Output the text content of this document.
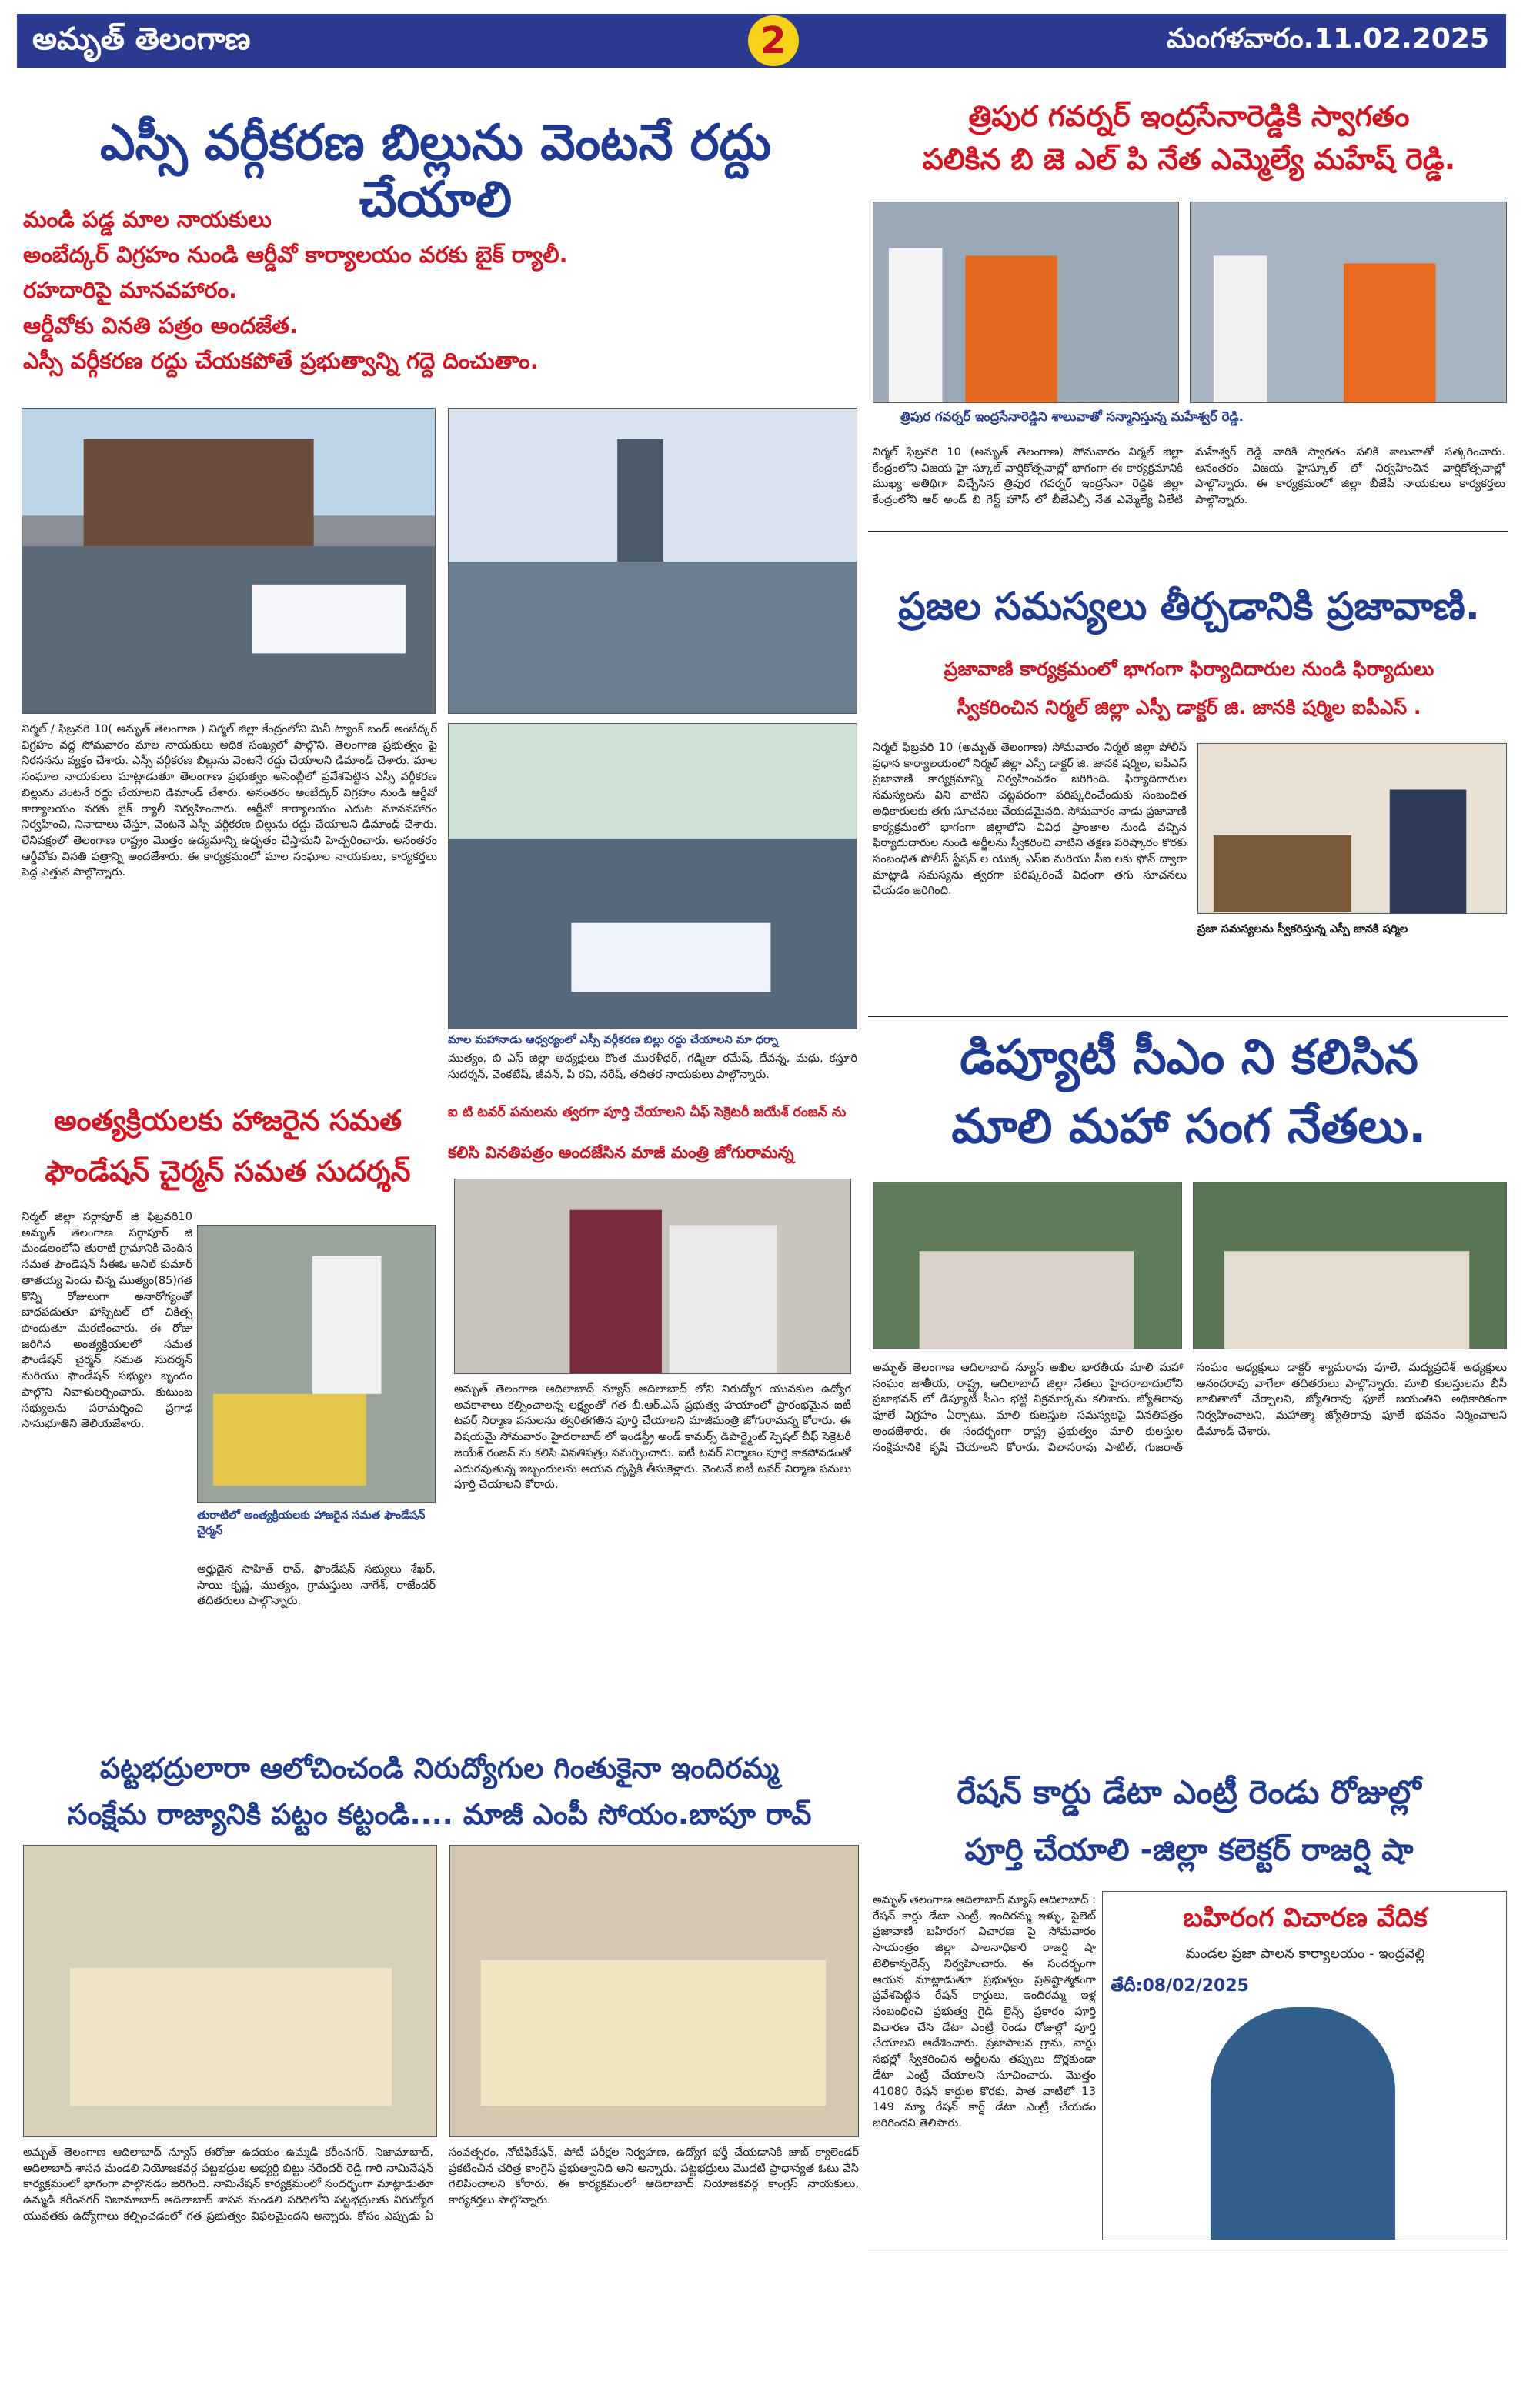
అమృత్ తెలంగాణ	2	మంగళవారం.11.02.2025
ఎస్సీ వర్గీకరణ బిల్లును వెంటనే రద్దు చేయాలి
మండి పడ్డ మాల నాయకులు
అంబేద్కర్ విగ్రహం నుండి ఆర్డీవో కార్యాలయం వరకు బైక్ ర్యాలీ.
రహదారిపై మానవహారం.
ఆర్డీవోకు వినతి పత్రం అందజేత.
ఎస్సీ వర్గీకరణ రద్దు చేయకపోతే ప్రభుత్వాన్ని గద్దె దించుతాం.
నిర్మల్ / ఫిబ్రవరి 10( అమృత్ తెలంగాణ ) నిర్మల్ జిల్లా కేంద్రంలోని మినీ ట్యాంక్ బండ్ అంబేద్కర్ విగ్రహం వద్ద సోమవారం మాల నాయకులు అధిక సంఖ్యలో పాల్గొని, తెలంగాణ ప్రభుత్వం పై నిరసనను వ్యక్తం చేశారు. ఎస్సీ వర్గీకరణ బిల్లును వెంటనే రద్దు చేయాలని డిమాండ్ చేశారు. మాల సంఘాల నాయకులు మాట్లాడుతూ తెలంగాణ ప్రభుత్వం అసెంబ్లీలో ప్రవేశపెట్టిన ఎస్సీ వర్గీకరణ బిల్లును వెంటనే రద్దు చేయాలని డిమాండ్ చేశారు. అనంతరం అంబేద్కర్ విగ్రహం నుండి ఆర్డీవో కార్యాలయం వరకు బైక్ ర్యాలీ నిర్వహించారు. ఆర్డీవో కార్యాలయం ఎదుట మానవహారం నిర్వహించి, నినాదాలు చేస్తూ, వెంటనే ఎస్సీ వర్గీకరణ బిల్లును రద్దు చేయాలని డిమాండ్ చేశారు. లేనిపక్షంలో తెలంగాణ రాష్ట్రం మొత్తం ఉద్యమాన్ని ఉధృతం చేస్తామని హెచ్చరించారు. అనంతరం ఆర్డీవోకు వినతి పత్రాన్ని అందజేశారు. ఈ కార్యక్రమంలో మాల సంఘాల నాయకులు, కార్యకర్తలు పెద్ద ఎత్తున పాల్గొన్నారు.
మాల మహానాడు ఆధ్వర్యంలో ఎస్సీ వర్గీకరణ బిల్లు రద్దు చేయాలని మా ధర్నా
ముత్యం, బి ఎస్ జిల్లా అధ్యక్షులు కొంత మురళీధర్, గడ్మిలా రమేష్, దేవన్న, మధు, కస్తూరి సుదర్శన్, వెంకటేష్, జీవన్, పి రవి, నరేష్, తదితర నాయకులు పాల్గొన్నారు.
త్రిపుర గవర్నర్ ఇంద్రసేనారెడ్డికి స్వాగతం
పలికిన బి జె ఎల్ పి నేత ఎమ్మెల్యే మహేష్ రెడ్డి.
త్రిపుర గవర్నర్ ఇంద్రసేనారెడ్డిని శాలువాతో సన్మానిస్తున్న మహేశ్వర్ రెడ్డి.
నిర్మల్ ఫిబ్రవరి 10 (అమృత్ తెలంగాణ) సోమవారం నిర్మల్ జిల్లా కేంద్రంలోని విజయ హై స్కూల్ వార్షికోత్సవాల్లో భాగంగా ఈ కార్యక్రమానికి ముఖ్య అతిథిగా విచ్చేసిన త్రిపుర గవర్నర్ ఇంద్రసేనా రెడ్డికి జిల్లా కేంద్రంలోని ఆర్ అండ్ బి గెస్ట్ హౌస్ లో బీజేఎల్పీ నేత ఎమ్మెల్యే ఏలేటి మహేశ్వర్ రెడ్డి వారికి స్వాగతం పలికి శాలువాతో సత్కరించారు. అనంతరం విజయ హైస్కూల్ లో నిర్వహించిన వార్షికోత్సవాల్లో పాల్గొన్నారు. ఈ కార్యక్రమంలో జిల్లా బీజేపీ నాయకులు కార్యకర్తలు పాల్గొన్నారు.
ప్రజల సమస్యలు తీర్చడానికి ప్రజావాణి.
ప్రజావాణి కార్యక్రమంలో భాగంగా ఫిర్యాదిదారుల నుండి ఫిర్యాదులు
స్వీకరించిన నిర్మల్ జిల్లా ఎస్పీ డాక్టర్ జి. జానకి షర్మిల ఐపీఎస్ .
నిర్మల్ ఫిబ్రవరి 10 (అమృత్ తెలంగాణ) సోమవారం నిర్మల్ జిల్లా పోలీస్ ప్రధాన కార్యాలయంలో నిర్మల్ జిల్లా ఎస్పీ డాక్టర్ జి. జానకి షర్మిల, ఐపీఎస్ ప్రజావాణి కార్యక్రమాన్ని నిర్వహించడం జరిగింది. ఫిర్యాదిదారుల సమస్యలను విని వాటిని చట్టపరంగా పరిష్కరించేందుకు సంబంధిత అధికారులకు తగు సూచనలు చేయడమైనది. సోమవారం నాడు ప్రజావాణి కార్యక్రమంలో భాగంగా జిల్లాలోని వివిధ ప్రాంతాల నుండి వచ్చిన ఫిర్యాదుదారుల నుండి అర్జీలను స్వీకరించి వాటిని తక్షణ పరిష్కారం కొరకు సంబంధిత పోలీస్ స్టేషన్ ల యొక్క ఎస్ఐ మరియు సీఐ లకు ఫోన్ ద్వారా మాట్లాడి సమస్యను త్వరగా పరిష్కరించే విధంగా తగు సూచనలు చేయడం జరిగింది.
ప్రజా సమస్యలను స్వీకరిస్తున్న ఎస్పీ జానకి షర్మిల
డిప్యూటీ సీఎం ని కలిసిన
మాలి మహా సంగ నేతలు.
అమృత్ తెలంగాణ ఆదిలాబాద్ న్యూస్ అఖిల భారతీయ మాలి మహా సంఘం జాతీయ, రాష్ట్ర, ఆదిలాబాద్ జిల్లా నేతలు హైదరాబాదులోని ప్రజాభవన్ లో డిప్యూటీ సీఎం భట్టి విక్రమార్కను కలిశారు. జ్యోతిరావు ఫూలే విగ్రహం ఏర్పాటు, మాలి కులస్తుల సమస్యలపై వినతిపత్రం అందజేశారు. ఈ సందర్భంగా రాష్ట్ర ప్రభుత్వం మాలి కులస్తుల సంక్షేమానికి కృషి చేయాలని కోరారు. విలాసరావు పాటిల్, గుజరాత్ సంఘం అధ్యక్షులు డాక్టర్ శ్యామరావు ఫూలే, మధ్యప్రదేశ్ అధ్యక్షులు ఆనందరావు వాగేలా తదితరులు పాల్గొన్నారు. మాలి కులస్తులను బీసీ జాబితాలో చేర్చాలని, జ్యోతిరావు ఫూలే జయంతిని అధికారికంగా నిర్వహించాలని, మహాత్మా జ్యోతిరావు ఫూలే భవనం నిర్మించాలని డిమాండ్ చేశారు.
అంత్యక్రియలకు హాజరైన సమత
ఫౌండేషన్ చైర్మన్ సమత సుదర్శన్
నిర్మల్ జిల్లా సర్గాపూర్ జి ఫిబ్రవరి10 అమృత్ తెలంగాణ సర్గాపూర్ జి మండలంలోని తురాటి గ్రామానికి చెందిన సమత ఫౌండేషన్ సీఈఓ అనిల్ కుమార్ తాతయ్య పెందు చిన్న ముత్యం(85)గత కొన్ని రోజులుగా అనారోగ్యంతో బాధపడుతూ హాస్పిటల్ లో చికిత్స పొందుతూ మరణించారు. ఈ రోజు జరిగిన అంత్యక్రియలలో సమత ఫౌండేషన్ చైర్మన్ సమత సుదర్శన్ మరియు ఫౌండేషన్ సభ్యుల బృందం పాల్గొని నివాళులర్పించారు. కుటుంబ సభ్యులను పరామర్శించి ప్రగాఢ సానుభూతిని తెలియజేశారు.
తురాటిలో అంత్యక్రియలకు హాజరైన సమత ఫౌండేషన్ చైర్మన్
అర్హుడైన సాహిత్ రావ్, ఫౌండేషన్ సభ్యులు శేఖర్, సాయి కృష్ణ, ముత్యం, గ్రామస్తులు నాగేశ్, రాజేందర్ తదితరులు పాల్గొన్నారు.
ఐ టి టవర్ పనులను త్వరగా పూర్తి చేయాలని చీఫ్ సెక్రెటరీ జయేశ్ రంజన్ ను
కలిసి వినతిపత్రం అందజేసిన మాజీ మంత్రి జోగురామన్న
అమృత్ తెలంగాణ ఆదిలాబాద్ న్యూస్ ఆదిలాబాద్ లోని నిరుద్యోగ యువకుల ఉద్యోగ అవకాశాలు కల్పించాలన్న లక్ష్యంతో గత బీ.ఆర్.ఎస్ ప్రభుత్వ హయాంలో ప్రారంభమైన ఐటీ టవర్ నిర్మాణ పనులను త్వరితగతిన పూర్తి చేయాలని మాజీమంత్రి జోగురామన్న కోరారు. ఈ విషయమై సోమవారం హైదరాబాద్ లో ఇండస్ట్రీ అండ్ కామర్స్ డిపార్ట్మెంట్ స్పెషల్ చీఫ్ సెక్రెటరీ జయేశ్ రంజన్ ను కలిసి వినతిపత్రం సమర్పించారు. ఐటీ టవర్ నిర్మాణం పూర్తి కాకపోవడంతో ఎదురవుతున్న ఇబ్బందులను ఆయన దృష్టికి తీసుకెళ్లారు. వెంటనే ఐటీ టవర్ నిర్మాణ పనులు పూర్తి చేయాలని కోరారు.
పట్టభద్రులారా ఆలోచించండి నిరుద్యోగుల గింతుకైనా ఇందిరమ్మ
సంక్షేమ రాజ్యానికి పట్టం కట్టండి.... మాజీ ఎంపీ సోయం.బాపూ రావ్
అమృత్ తెలంగాణ ఆదిలాబాద్ న్యూస్ ఈరోజు ఉదయం ఉమ్మడి కరీంనగర్, నిజామాబాద్, ఆదిలాబాద్ శాసన మండలి నియోజకవర్గ పట్టభద్రుల అభ్యర్థి బిట్టు నరేందర్ రెడ్డి గారి నామినేషన్ కార్యక్రమంలో భాగంగా పాల్గొనడం జరిగింది. నామినేషన్ కార్యక్రమంలో సందర్భంగా మాట్లాడుతూ ఉమ్మడి కరీంనగర్ నిజామాబాద్ ఆదిలాబాద్ శాసన మండలి పరిధిలోని పట్టభద్రులకు నిరుద్యోగ యువతకు ఉద్యోగాలు కల్పించడంలో గత ప్రభుత్వం విఫలమైందని అన్నారు. కోసం ఎప్పుడు ఏ సంవత్సరం, నోటిఫికేషన్, పోటీ పరీక్షల నిర్వహణ, ఉద్యోగ భర్తీ చేయడానికి జాబ్ క్యాలెండర్ ప్రకటించిన చరిత్ర కాంగ్రెస్ ప్రభుత్వానిది అని అన్నారు. పట్టభద్రులు మొదటి ప్రాధాన్యత ఓటు వేసి గెలిపించాలని కోరారు. ఈ కార్యక్రమంలో ఆదిలాబాద్ నియోజకవర్గ కాంగ్రెస్ నాయకులు, కార్యకర్తలు పాల్గొన్నారు.
రేషన్ కార్డు డేటా ఎంట్రీ రెండు రోజుల్లో
పూర్తి చేయాలి -జిల్లా కలెక్టర్ రాజర్షి షా
అమృత్ తెలంగాణ ఆదిలాబాద్ న్యూస్ ఆదిలాబాద్ : రేషన్ కార్డు డేటా ఎంట్రీ, ఇందిరమ్మ ఇళ్ళు, పైలెట్ ప్రజావాణి బహిరంగ విచారణ పై సోమవారం సాయంత్రం జిల్లా పాలనాధికారి రాజర్షి షా టెలికాన్ఫరెన్స్ నిర్వహించారు. ఈ సందర్భంగా ఆయన మాట్లాడుతూ ప్రభుత్వం ప్రతిష్టాత్మకంగా ప్రవేశపెట్టిన రేషన్ కార్డులు, ఇందిరమ్మ ఇళ్ల సంబంధించి ప్రభుత్వ గైడ్ లైన్స్ ప్రకారం పూర్తి విచారణ చేసి డేటా ఎంట్రీ రెండు రోజుల్లో పూర్తి చేయాలని ఆదేశించారు. ప్రజాపాలన గ్రామ, వార్డు సభల్లో స్వీకరించిన అర్జీలను తప్పులు దొర్లకుండా డేటా ఎంట్రీ చేయాలని సూచించారు. మొత్తం 41080 రేషన్ కార్డుల కొరకు, పాత వాటిలో 13 149 న్యూ రేషన్ కార్డ్ డేటా ఎంట్రీ చేయడం జరిగిందని తెలిపారు.
బహిరంగ విచారణ వేదిక
మండల ప్రజా పాలన కార్యాలయం - ఇంద్రవెల్లి
తేదీ:08/02/2025
